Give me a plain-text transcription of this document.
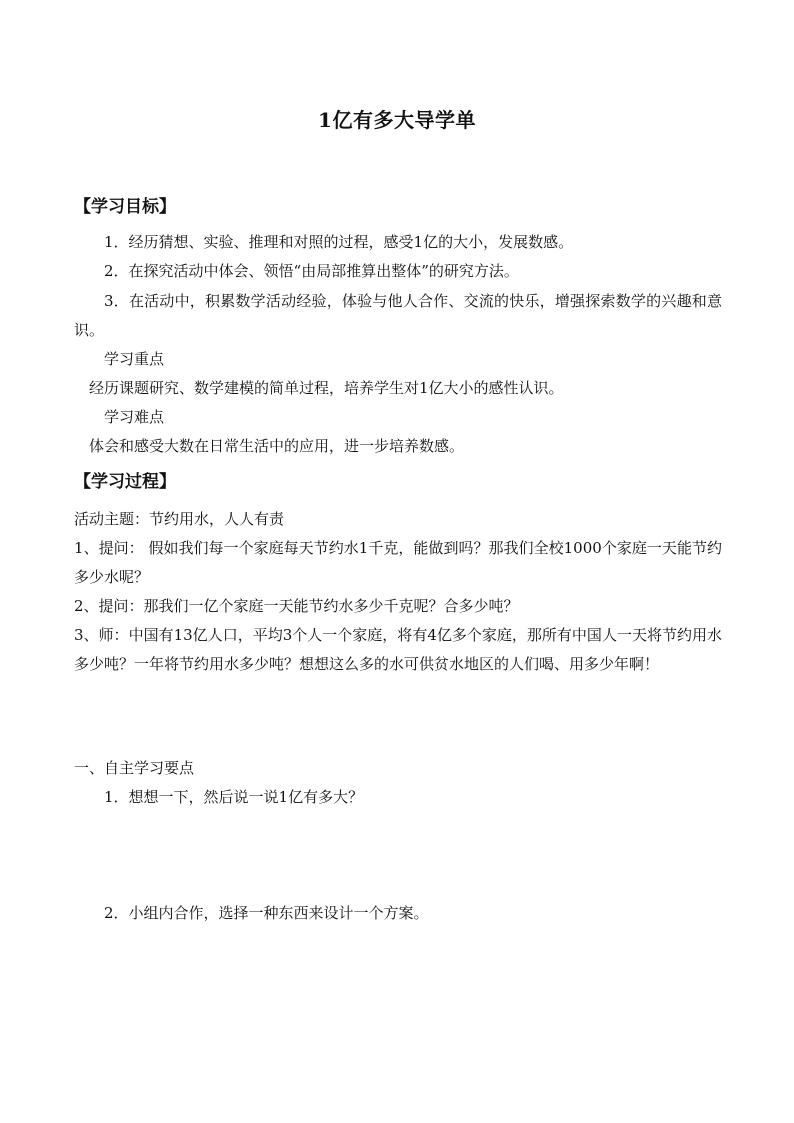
1亿有多大导学单
【学习目标】
1．经历猜想、实验、推理和对照的过程，感受1亿的大小，发展数感。
2．在探究活动中体会、领悟“由局部推算出整体”的研究方法。
3．在活动中，积累数学活动经验，体验与他人合作、交流的快乐，增强探索数学的兴趣和意识。
学习重点
经历课题研究、数学建模的简单过程，培养学生对1亿大小的感性认识。
学习难点
体会和感受大数在日常生活中的应用，进一步培养数感。
【学习过程】
活动主题：节约用水，人人有责
1、提问： 假如我们每一个家庭每天节约水1千克，能做到吗？那我们全校1000个家庭一天能节约多少水呢？
2、提问：那我们一亿个家庭一天能节约水多少千克呢？合多少吨？
3、师：中国有13亿人口，平均3个人一个家庭，将有4亿多个家庭，那所有中国人一天将节约用水多少吨？一年将节约用水多少吨？想想这么多的水可供贫水地区的人们喝、用多少年啊！
一、自主学习要点
1．想想一下，然后说一说1亿有多大？
2．小组内合作，选择一种东西来设计一个方案。
